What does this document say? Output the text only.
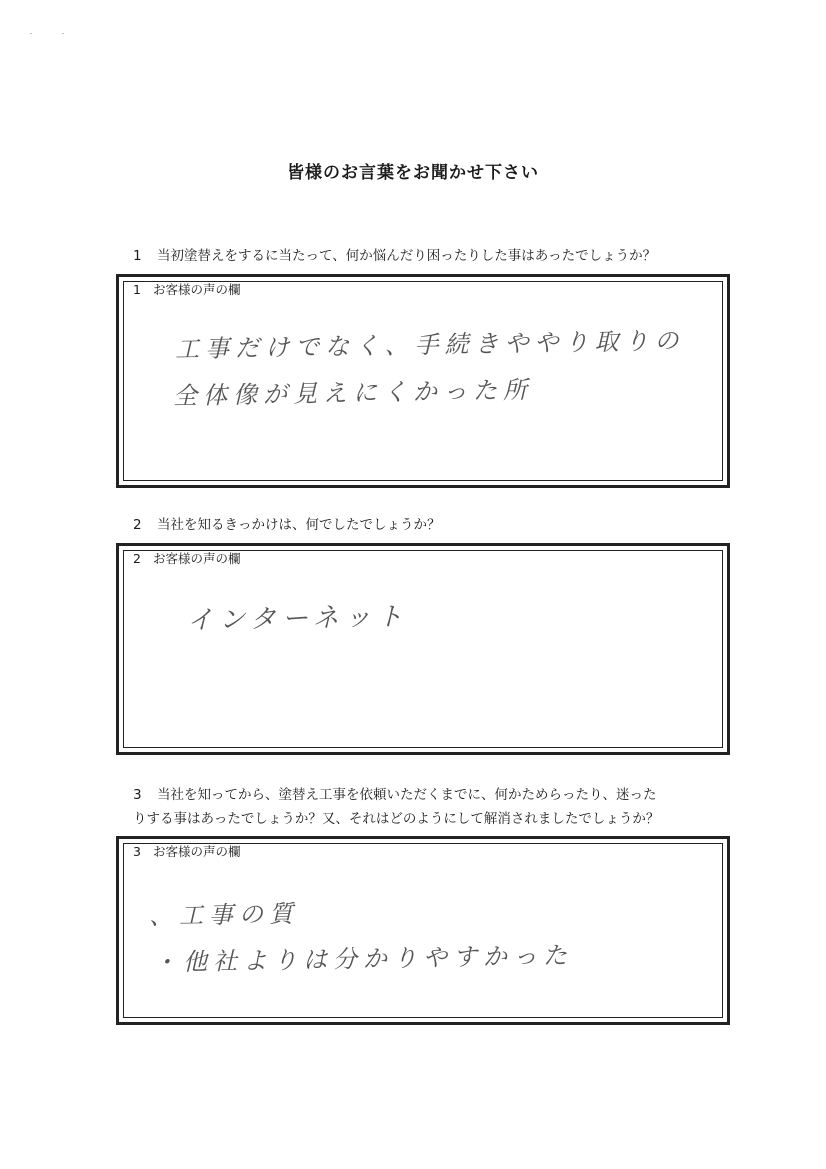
皆様のお言葉をお聞かせ下さい
1 当初塗替えをするに当たって、何か悩んだり困ったりした事はあったでしょうか？
1 お客様の声の欄
工事だけでなく、手続きややり取りの
全体像が見えにくかった所
2 当社を知るきっかけは、何でしたでしょうか？
2 お客様の声の欄
インターネット
3 当社を知ってから、塗替え工事を依頼いただくまでに、何かためらったり、迷った
りする事はあったでしょうか？又、それはどのようにして解消されましたでしょうか？
3 お客様の声の欄
、工事の質
・他社よりは分かりやすかった
